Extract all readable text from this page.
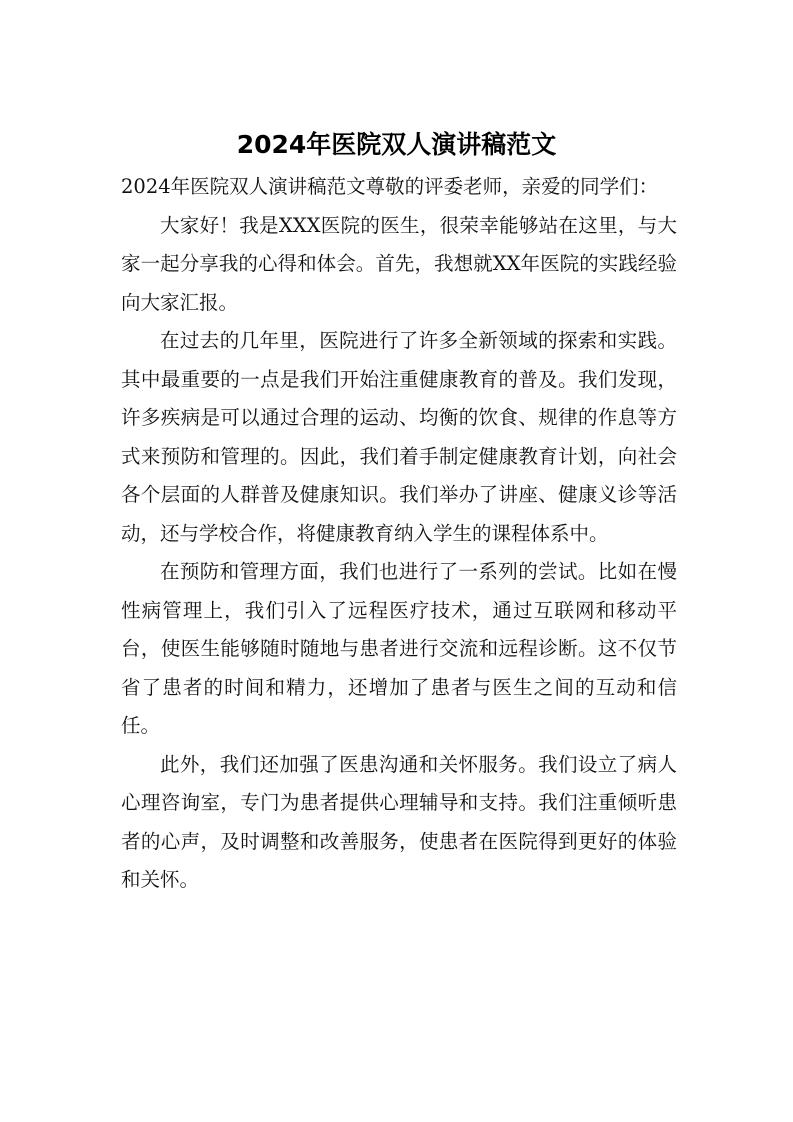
2024年医院双人演讲稿范文

2024年医院双人演讲稿范文尊敬的评委老师，亲爱的同学们：

大家好！我是XXX医院的医生，很荣幸能够站在这里，与大家一起分享我的心得和体会。首先，我想就XX年医院的实践经验向大家汇报。

在过去的几年里，医院进行了许多全新领域的探索和实践。其中最重要的一点是我们开始注重健康教育的普及。我们发现，许多疾病是可以通过合理的运动、均衡的饮食、规律的作息等方式来预防和管理的。因此，我们着手制定健康教育计划，向社会各个层面的人群普及健康知识。我们举办了讲座、健康义诊等活动，还与学校合作，将健康教育纳入学生的课程体系中。

在预防和管理方面，我们也进行了一系列的尝试。比如在慢性病管理上，我们引入了远程医疗技术，通过互联网和移动平台，使医生能够随时随地与患者进行交流和远程诊断。这不仅节省了患者的时间和精力，还增加了患者与医生之间的互动和信任。

此外，我们还加强了医患沟通和关怀服务。我们设立了病人心理咨询室，专门为患者提供心理辅导和支持。我们注重倾听患者的心声，及时调整和改善服务，使患者在医院得到更好的体验和关怀。
